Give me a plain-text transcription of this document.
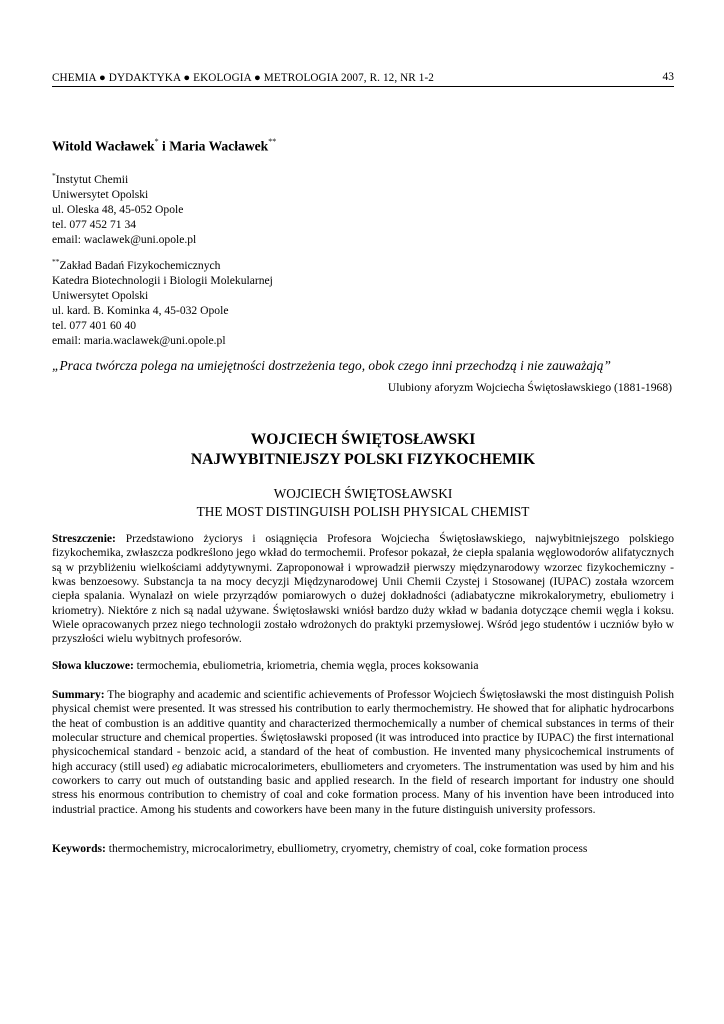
CHEMIA ● DYDAKTYKA ● EKOLOGIA ● METROLOGIA 2007, R. 12, NR 1-2	43
Witold Wacławek* i Maria Wacławek**
*Instytut Chemii
Uniwersytet Opolski
ul. Oleska 48, 45-052 Opole
tel. 077 452 71 34
email: waclawek@uni.opole.pl
**Zakład Badań Fizykochemicznych
Katedra Biotechnologii i Biologii Molekularnej
Uniwersytet Opolski
ul. kard. B. Kominka 4, 45-032 Opole
tel. 077 401 60 40
email: maria.waclawek@uni.opole.pl
„Praca twórcza polega na umiejętności dostrzeżenia tego, obok czego inni przechodzą i nie zauważają”
Ulubiony aforyzm Wojciecha Świętosławskiego (1881-1968)
WOJCIECH ŚWIĘTOSŁAWSKI
NAJWYBITNIEJSZY POLSKI FIZYKOCHEMIK
WOJCIECH ŚWIĘTOSŁAWSKI
THE MOST DISTINGUISH POLISH PHYSICAL CHEMIST
Streszczenie: Przedstawiono życiorys i osiągnięcia Profesora Wojciecha Świętosławskiego, najwybitniejszego polskiego fizykochemika, zwłaszcza podkreślono jego wkład do termochemii. Profesor pokazał, że ciepła spalania węglowodorów alifatycznych są w przybliżeniu wielkościami addytywnymi. Zaproponował i wprowadził pierwszy międzynarodowy wzorzec fizykochemiczny - kwas benzoesowy. Substancja ta na mocy decyzji Międzynarodowej Unii Chemii Czystej i Stosowanej (IUPAC) została wzorcem ciepła spalania. Wynalazł on wiele przyrządów pomiarowych o dużej dokładności (adiabatyczne mikrokalorymetry, ebuliometry i kriometry). Niektóre z nich są nadal używane. Świętosławski wniósł bardzo duży wkład w badania dotyczące chemii węgla i koksu. Wiele opracowanych przez niego technologii zostało wdrożonych do praktyki przemysłowej. Wśród jego studentów i uczniów było w przyszłości wielu wybitnych profesorów.
Słowa kluczowe: termochemia, ebuliometria, kriometria, chemia węgla, proces koksowania
Summary: The biography and academic and scientific achievements of Professor Wojciech Świętosławski the most distinguish Polish physical chemist were presented. It was stressed his contribution to early thermochemistry. He showed that for aliphatic hydrocarbons the heat of combustion is an additive quantity and characterized thermochemically a number of chemical substances in terms of their molecular structure and chemical properties. Świętosławski proposed (it was introduced into practice by IUPAC) the first international physicochemical standard - benzoic acid, a standard of the heat of combustion. He invented many physicochemical instruments of high accuracy (still used) eg adiabatic microcalorimeters, ebulliometers and cryometers. The instrumentation was used by him and his coworkers to carry out much of outstanding basic and applied research. In the field of research important for industry one should stress his enormous contribution to chemistry of coal and coke formation process. Many of his invention have been introduced into industrial practice. Among his students and coworkers have been many in the future distinguish university professors.
Keywords: thermochemistry, microcalorimetry, ebulliometry, cryometry, chemistry of coal, coke formation process
